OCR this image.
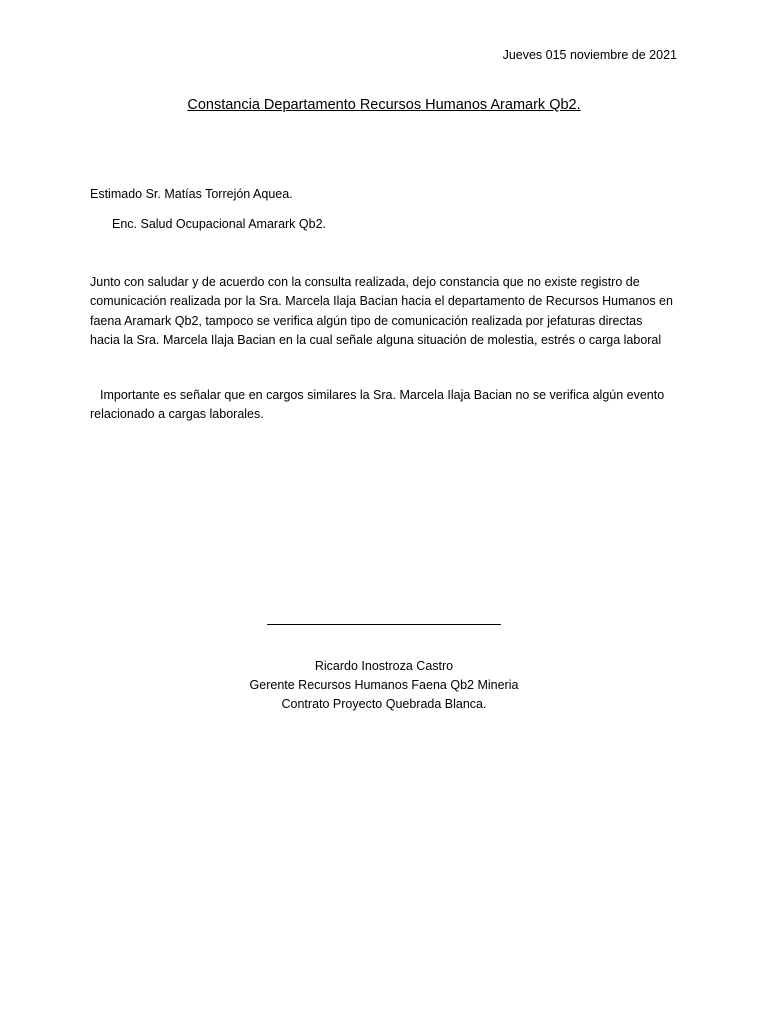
Jueves 015 noviembre de 2021
Constancia Departamento Recursos Humanos Aramark Qb2.
Estimado Sr. Matías Torrejón Aquea.
Enc. Salud Ocupacional Amarark Qb2.
Junto con saludar y de acuerdo con la consulta realizada, dejo constancia que no existe registro de
comunicación realizada por la Sra. Marcela Ilaja Bacian hacia el departamento de Recursos Humanos en
faena Aramark Qb2, tampoco se verifica algún tipo de comunicación realizada por jefaturas directas
hacia la Sra. Marcela Ilaja Bacian en la cual señale alguna situación de molestia, estrés o carga laboral
Importante es señalar que en cargos similares la Sra. Marcela Ilaja Bacian no se verifica algún evento
relacionado a cargas laborales.
Ricardo Inostroza Castro
Gerente Recursos Humanos Faena Qb2 Mineria
Contrato Proyecto Quebrada Blanca.
